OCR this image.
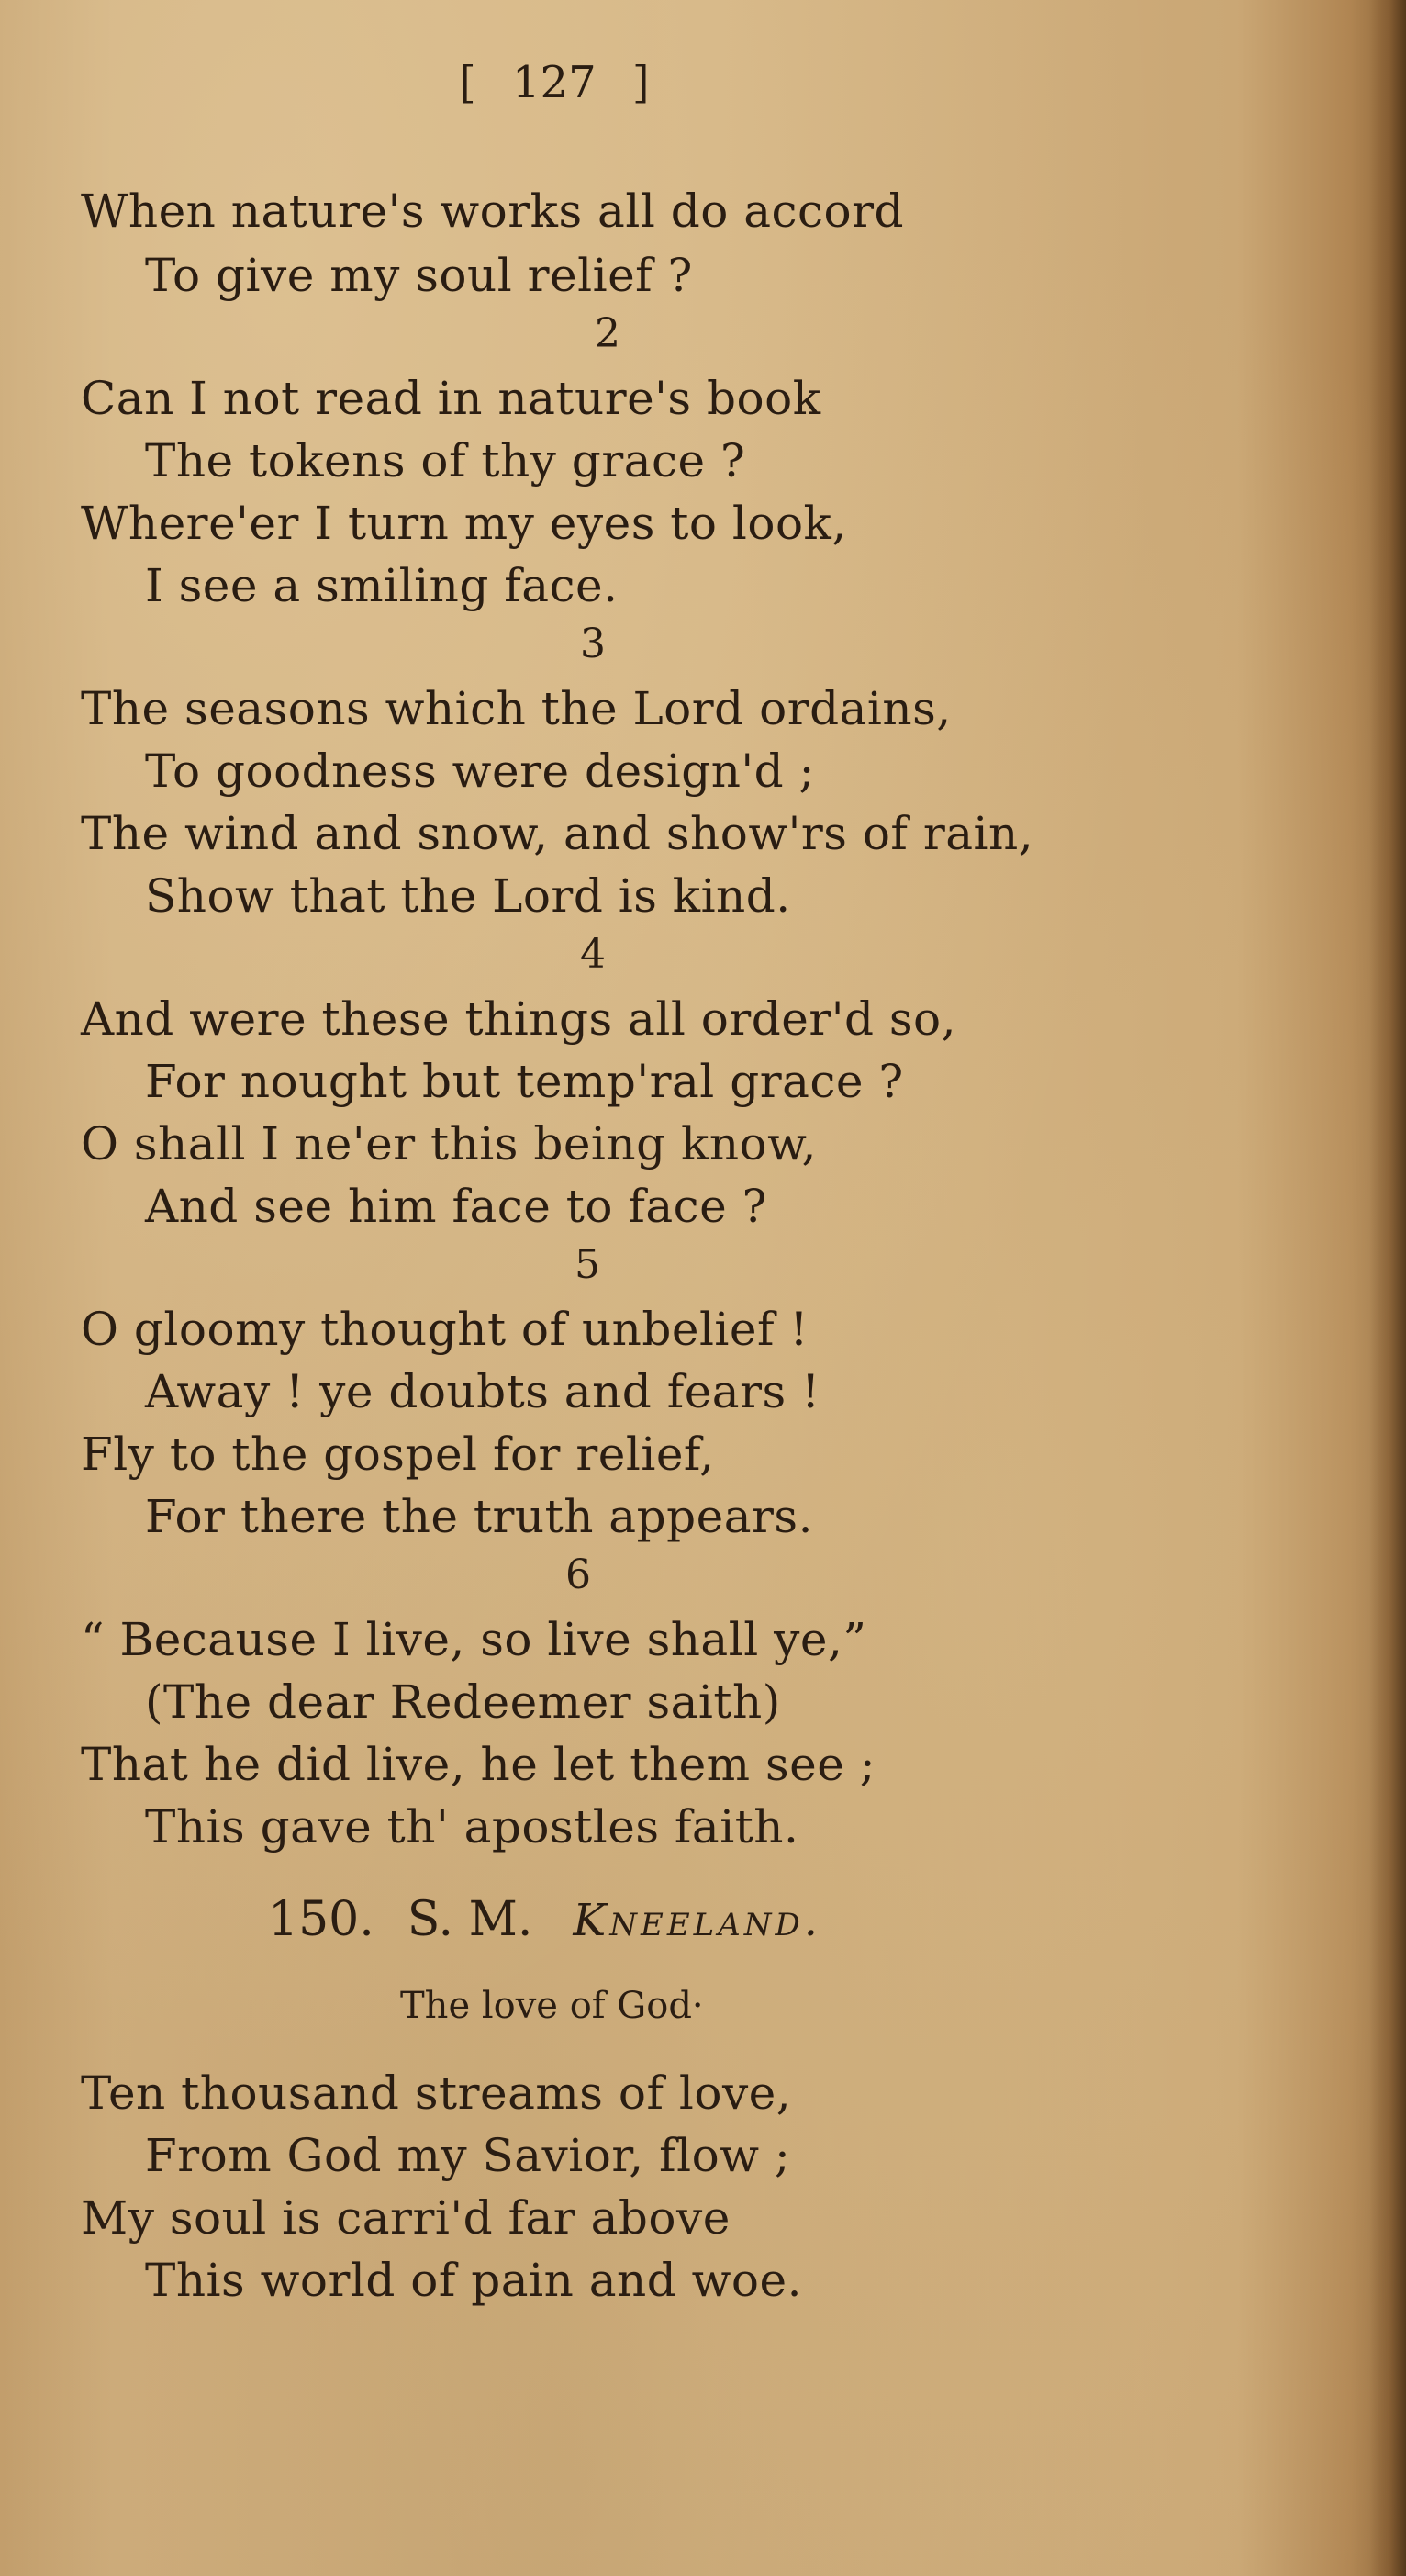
[ 127 ]
When nature's works all do accord
To give my soul relief ?
2
Can I not read in nature's book
The tokens of thy grace ?
Where'er I turn my eyes to look,
I see a smiling face.
3
The seasons which the Lord ordains,
To goodness were design'd ;
The wind and snow, and show'rs of rain,
Show that the Lord is kind.
4
And were these things all order'd so,
For nought but temp'ral grace ?
O shall I ne'er this being know,
And see him face to face ?
5
O gloomy thought of unbelief !
Away ! ye doubts and fears !
Fly to the gospel for relief,
For there the truth appears.
6
“ Because I live, so live shall ye,”
(The dear Redeemer saith)
That he did live, he let them see ;
This gave th' apostles faith.
150. S. M. Kneeland.
The love of God·
Ten thousand streams of love,
From God my Savior, flow ;
My soul is carri'd far above
This world of pain and woe.
